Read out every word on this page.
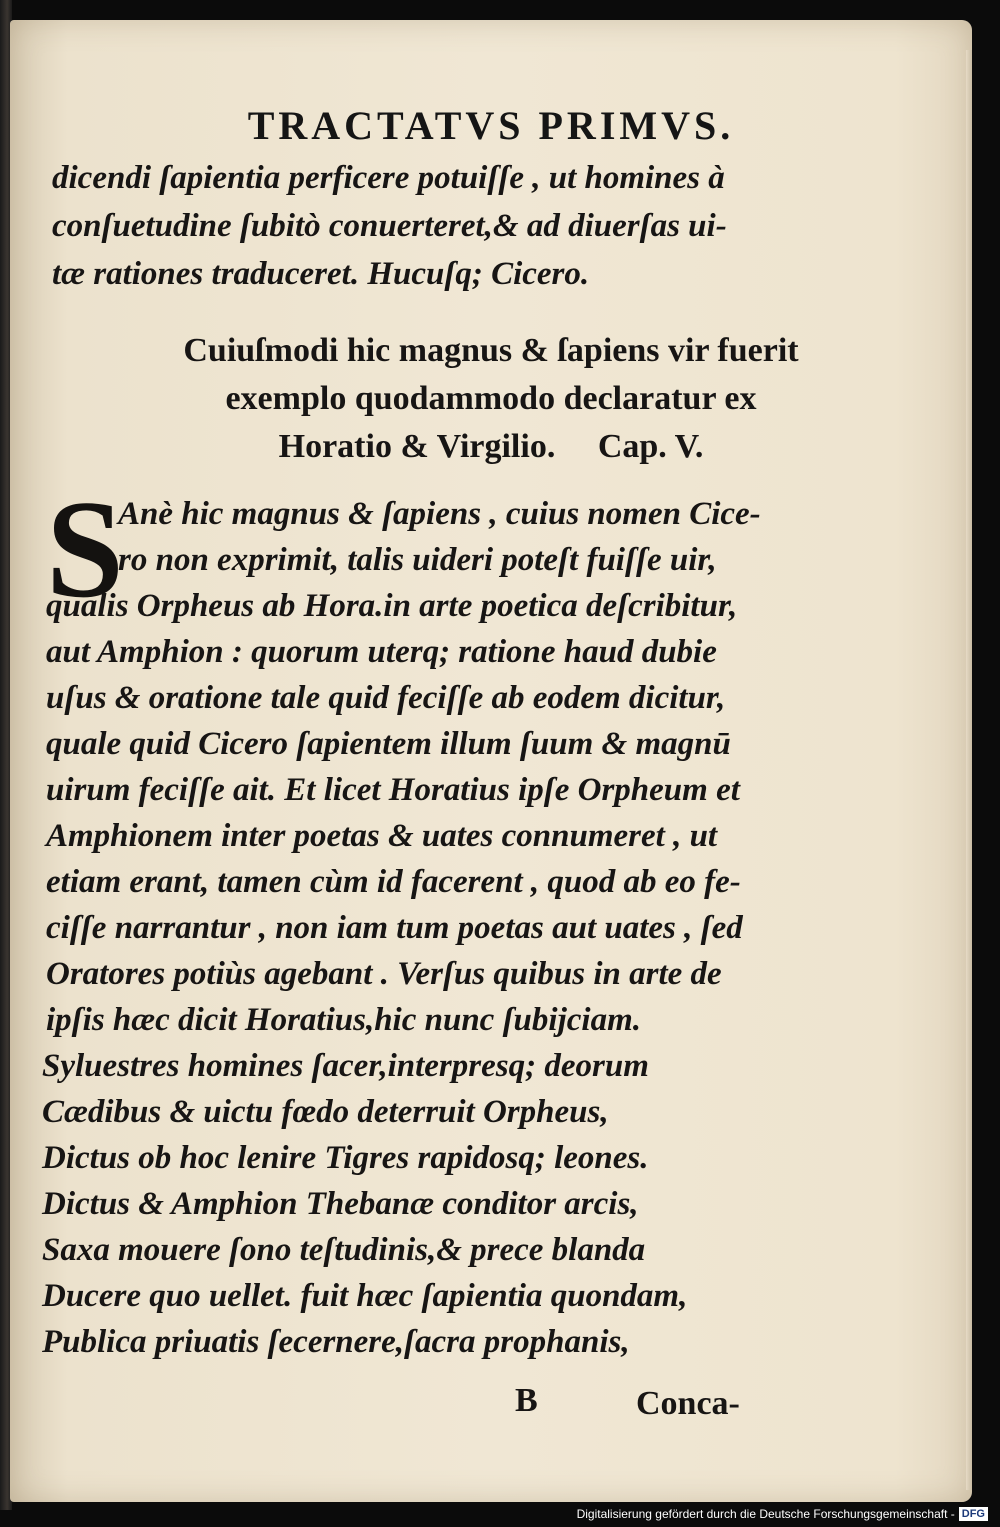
TRACTATVS PRIMVS.
dicendi ſapientia perficere potuiſſe , ut homines à
conſuetudine ſubitò conuerteret,& ad diuerſas ui-
tæ rationes traduceret. Hucuſq; Cicero.
Cuiuſmodi hic magnus & ſapiens vir fuerit
exemplo quodammodo declaratur ex
Horatio & Virgilio.     Cap. V.
S
Anè hic magnus & ſapiens , cuius nomen Cice-
ro non exprimit, talis uideri poteſt fuiſſe uir,
qualis Orpheus ab Hora.in arte poetica deſcribitur,
aut Amphion : quorum uterq; ratione haud dubie
uſus & oratione tale quid feciſſe ab eodem dicitur,
quale quid Cicero ſapientem illum ſuum & magnū
uirum feciſſe ait. Et licet Horatius ipſe Orpheum et
Amphionem inter poetas & uates connumeret , ut
etiam erant, tamen cùm id facerent , quod ab eo fe-
ciſſe narrantur , non iam tum poetas aut uates , ſed
Oratores potiùs agebant . Verſus quibus in arte de
ipſis hæc dicit Horatius,hic nunc ſubijciam.
Syluestres homines ſacer,interpresq; deorum
Cædibus & uictu fœdo deterruit Orpheus,
Dictus ob hoc lenire Tigres rapidosq; leones.
Dictus & Amphion Thebanæ conditor arcis,
Saxa mouere ſono teſtudinis,& prece blanda
Ducere quo uellet. fuit hæc ſapientia quondam,
Publica priuatis ſecernere,ſacra prophanis,
B	Conca-
Digitalisierung gefördert durch die Deutsche Forschungsgemeinschaft - DFG
